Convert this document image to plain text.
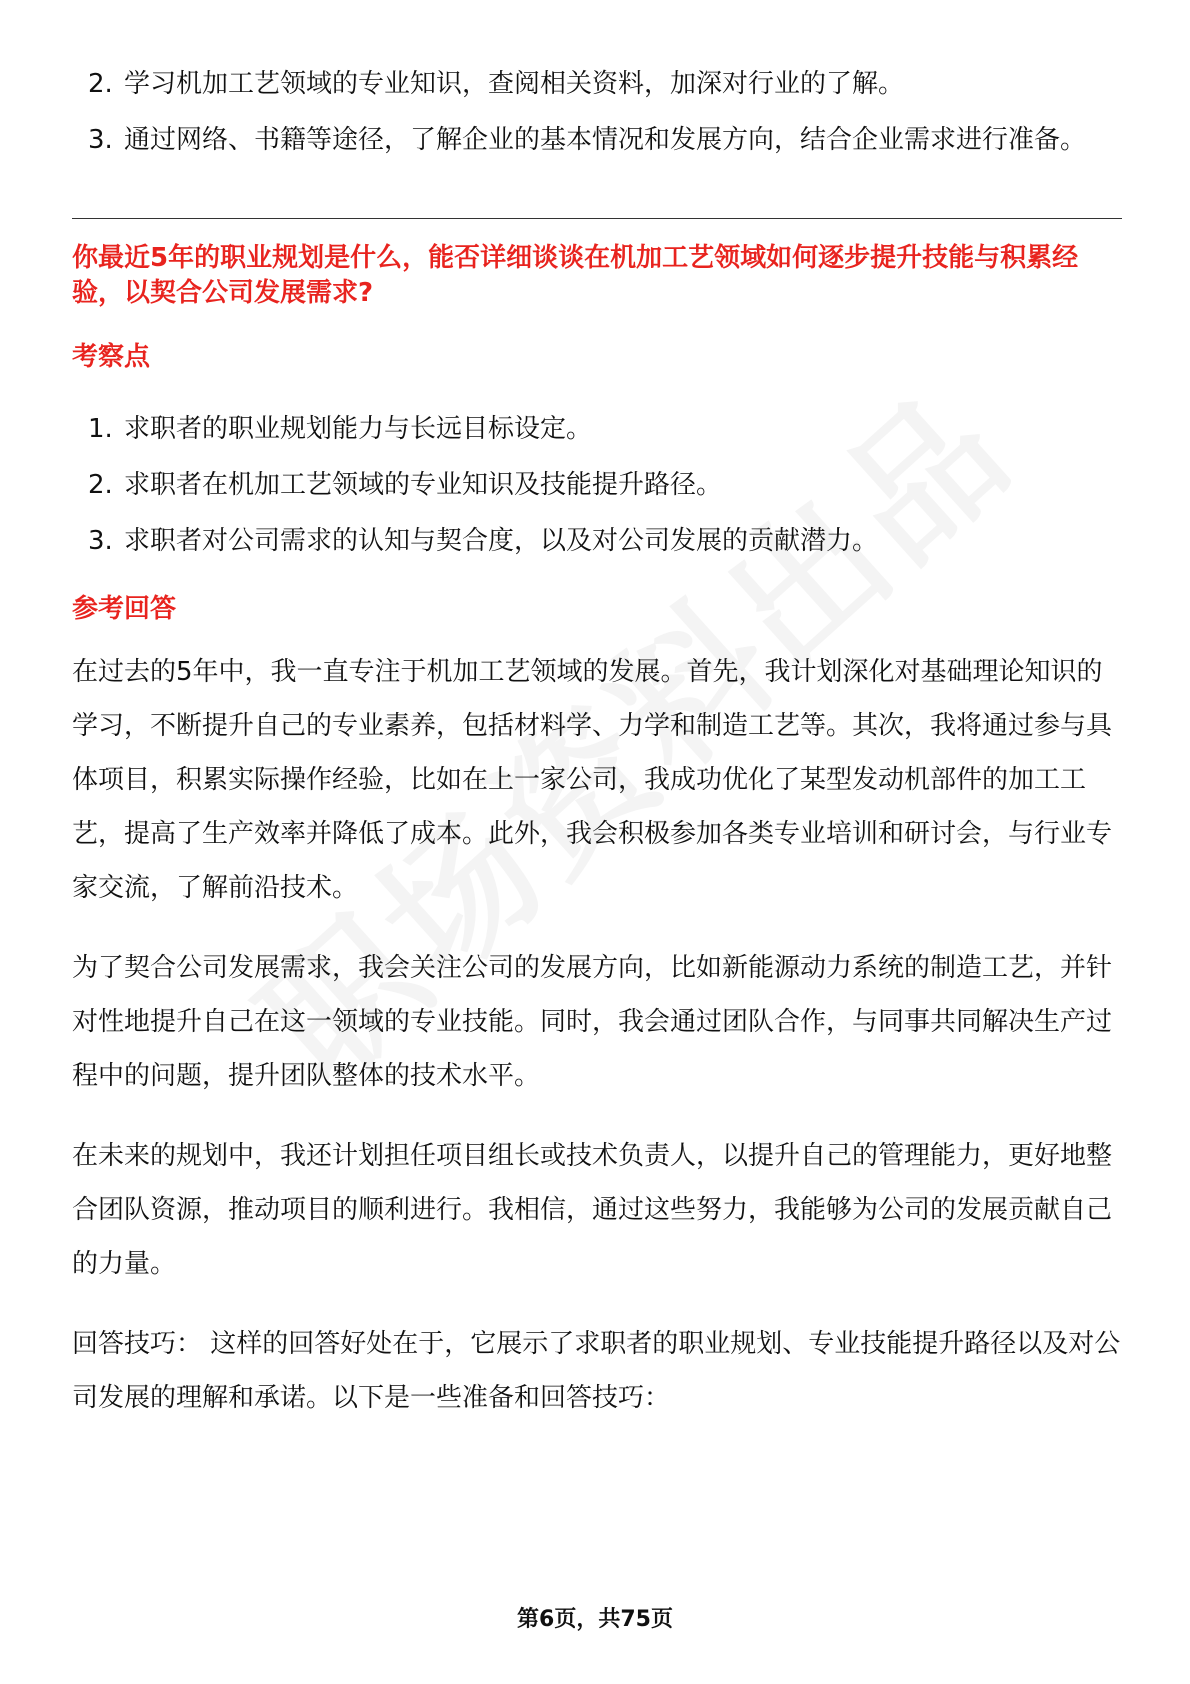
2. 学习机加工艺领域的专业知识，查阅相关资料，加深对行业的了解。
3. 通过网络、书籍等途径，了解企业的基本情况和发展方向，结合企业需求进行准备。
你最近5年的职业规划是什么，能否详细谈谈在机加工艺领域如何逐步提升技能与积累经验，以契合公司发展需求?
考察点
1. 求职者的职业规划能力与长远目标设定。
2. 求职者在机加工艺领域的专业知识及技能提升路径。
3. 求职者对公司需求的认知与契合度，以及对公司发展的贡献潜力。
参考回答

在过去的5年中，我一直专注于机加工艺领域的发展。首先，我计划深化对基础理论知识的学习，不断提升自己的专业素养，包括材料学、力学和制造工艺等。其次，我将通过参与具体项目，积累实际操作经验，比如在上一家公司，我成功优化了某型发动机部件的加工工艺，提高了生产效率并降低了成本。此外，我会积极参加各类专业培训和研讨会，与行业专家交流，了解前沿技术。

为了契合公司发展需求，我会关注公司的发展方向，比如新能源动力系统的制造工艺，并针对性地提升自己在这一领域的专业技能。同时，我会通过团队合作，与同事共同解决生产过程中的问题，提升团队整体的技术水平。

在未来的规划中，我还计划担任项目组长或技术负责人，以提升自己的管理能力，更好地整合团队资源，推动项目的顺利进行。我相信，通过这些努力，我能够为公司的发展贡献自己的力量。

回答技巧： 这样的回答好处在于，它展示了求职者的职业规划、专业技能提升路径以及对公司发展的理解和承诺。以下是一些准备和回答技巧：

第6页，共75页
